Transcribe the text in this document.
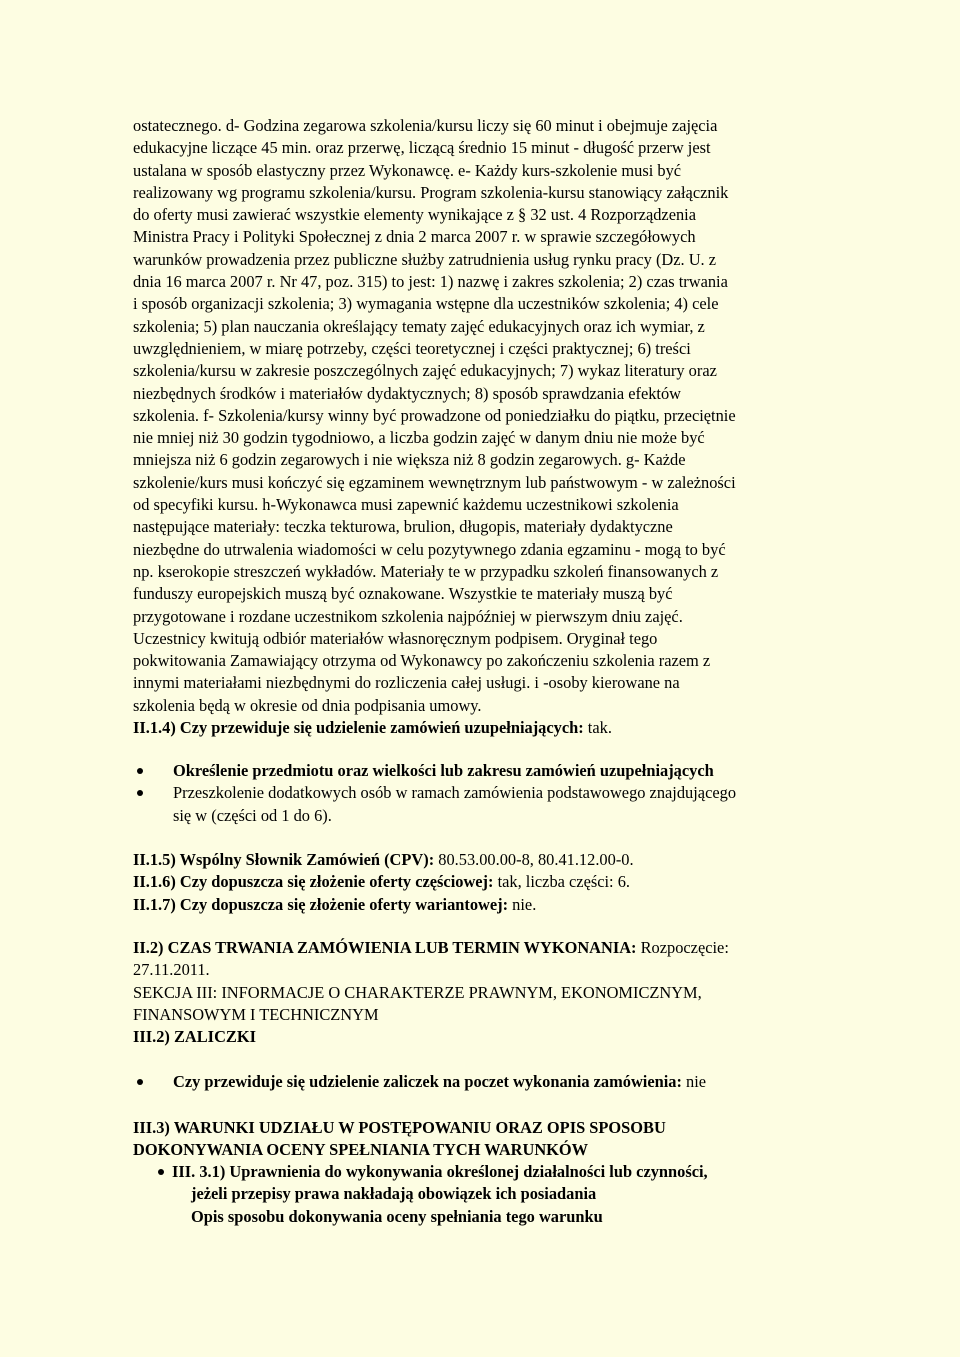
ostatecznego. d- Godzina zegarowa szkolenia/kursu liczy się 60 minut i obejmuje zajęcia
edukacyjne liczące 45 min. oraz przerwę, liczącą średnio 15 minut - długość przerw jest
ustalana w sposób elastyczny przez Wykonawcę. e- Każdy kurs-szkolenie musi być
realizowany wg programu szkolenia/kursu. Program szkolenia-kursu stanowiący załącznik
do oferty musi zawierać wszystkie elementy wynikające z § 32 ust. 4 Rozporządzenia
Ministra Pracy i Polityki Społecznej z dnia 2 marca 2007 r. w sprawie szczegółowych
warunków prowadzenia przez publiczne służby zatrudnienia usług rynku pracy (Dz. U. z
dnia 16 marca 2007 r. Nr 47, poz. 315) to jest: 1) nazwę i zakres szkolenia; 2) czas trwania
i sposób organizacji szkolenia; 3) wymagania wstępne dla uczestników szkolenia; 4) cele
szkolenia; 5) plan nauczania określający tematy zajęć edukacyjnych oraz ich wymiar, z
uwzględnieniem, w miarę potrzeby, części teoretycznej i części praktycznej; 6) treści
szkolenia/kursu w zakresie poszczególnych zajęć edukacyjnych; 7) wykaz literatury oraz
niezbędnych środków i materiałów dydaktycznych; 8) sposób sprawdzania efektów
szkolenia. f- Szkolenia/kursy winny być prowadzone od poniedziałku do piątku, przeciętnie
nie mniej niż 30 godzin tygodniowo, a liczba godzin zajęć w danym dniu nie może być
mniejsza niż 6 godzin zegarowych i nie większa niż 8 godzin zegarowych. g- Każde
szkolenie/kurs musi kończyć się egzaminem wewnętrznym lub państwowym - w zależności
od specyfiki kursu. h-Wykonawca musi zapewnić każdemu uczestnikowi szkolenia
następujące materiały: teczka tekturowa, brulion, długopis, materiały dydaktyczne
niezbędne do utrwalenia wiadomości w celu pozytywnego zdania egzaminu - mogą to być
np. kserokopie streszczeń wykładów. Materiały te w przypadku szkoleń finansowanych z
funduszy europejskich muszą być oznakowane. Wszystkie te materiały muszą być
przygotowane i rozdane uczestnikom szkolenia najpóźniej w pierwszym dniu zajęć.
Uczestnicy kwitują odbiór materiałów własnoręcznym podpisem. Oryginał tego
pokwitowania Zamawiający otrzyma od Wykonawcy po zakończeniu szkolenia razem z
innymi materiałami niezbędnymi do rozliczenia całej usługi. i -osoby kierowane na
szkolenia będą w okresie od dnia podpisania umowy.
II.1.4) Czy przewiduje się udzielenie zamówień uzupełniających: tak.
Określenie przedmiotu oraz wielkości lub zakresu zamówień uzupełniających
Przeszkolenie dodatkowych osób w ramach zamówienia podstawowego znajdującego
się w (części od 1 do 6).
II.1.5) Wspólny Słownik Zamówień (CPV): 80.53.00.00-8, 80.41.12.00-0.
II.1.6) Czy dopuszcza się złożenie oferty częściowej: tak, liczba części: 6.
II.1.7) Czy dopuszcza się złożenie oferty wariantowej: nie.
II.2) CZAS TRWANIA ZAMÓWIENIA LUB TERMIN WYKONANIA: Rozpoczęcie:
27.11.2011.
SEKCJA III: INFORMACJE O CHARAKTERZE PRAWNYM, EKONOMICZNYM,
FINANSOWYM I TECHNICZNYM
III.2) ZALICZKI
Czy przewiduje się udzielenie zaliczek na poczet wykonania zamówienia: nie
III.3) WARUNKI UDZIAŁU W POSTĘPOWANIU ORAZ OPIS SPOSOBU
DOKONYWANIA OCENY SPEŁNIANIA TYCH WARUNKÓW
III. 3.1) Uprawnienia do wykonywania określonej działalności lub czynności,
jeżeli przepisy prawa nakładają obowiązek ich posiadania
Opis sposobu dokonywania oceny spełniania tego warunku
